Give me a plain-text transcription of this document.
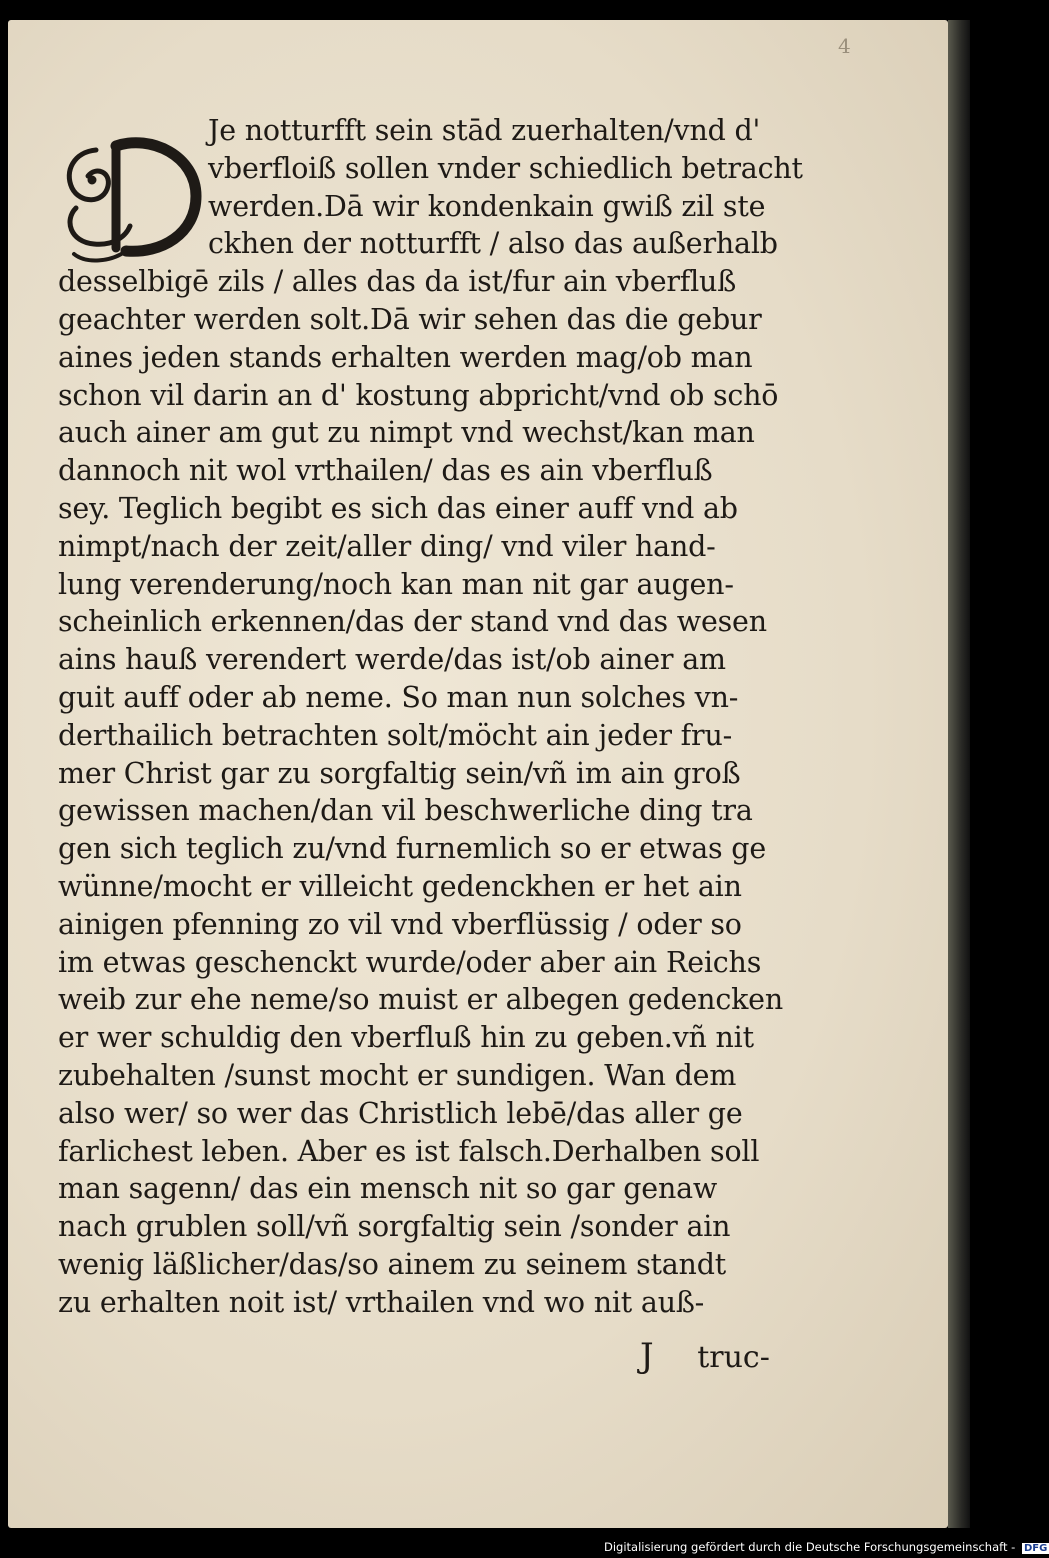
4
Je notturfft sein stād zuerhalten/vnd d'
vberfloiß sollen vnder schiedlich betracht
werden.Dā wir kondenkain gwiß zil ste
ckhen der notturfft / also das außerhalb
desselbigē zils / alles das da ist/fur ain vberfluß
geachter werden solt.Dā wir sehen das die gebur
aines jeden stands erhalten werden mag/ob man
schon vil darin an d' kostung abpricht/vnd ob schō
auch ainer am gut zu nimpt vnd wechst/kan man
dannoch nit wol vrthailen/ das es ain vberfluß
sey. Teglich begibt es sich das einer auff vnd ab
nimpt/nach der zeit/aller ding/ vnd viler hand-
lung verenderung/noch kan man nit gar augen-
scheinlich erkennen/das der stand vnd das wesen
ains hauß verendert werde/das ist/ob ainer am
guit auff oder ab neme. So man nun solches vn-
derthailich betrachten solt/möcht ain jeder fru-
mer Christ gar zu sorgfaltig sein/vñ im ain groß
gewissen machen/dan vil beschwerliche ding tra
gen sich teglich zu/vnd furnemlich so er etwas ge
wünne/mocht er villeicht gedenckhen er het ain
ainigen pfenning zo vil vnd vberflüssig / oder so
im etwas geschenckt wurde/oder aber ain Reichs
weib zur ehe neme/so muist er albegen gedencken
er wer schuldig den vberfluß hin zu geben.vñ nit
zubehalten /sunst mocht er sundigen. Wan dem
also wer/ so wer das Christlich lebē/das aller ge
farlichest leben. Aber es ist falsch.Derhalben soll
man sagenn/ das ein mensch nit so gar genaw
nach grublen soll/vñ sorgfaltig sein /sonder ain
wenig läßlicher/das/so ainem zu seinem standt
zu erhalten noit ist/ vrthailen vnd wo nit auß-
J truc-
Digitalisierung gefördert durch die Deutsche Forschungsgemeinschaft - DFG
